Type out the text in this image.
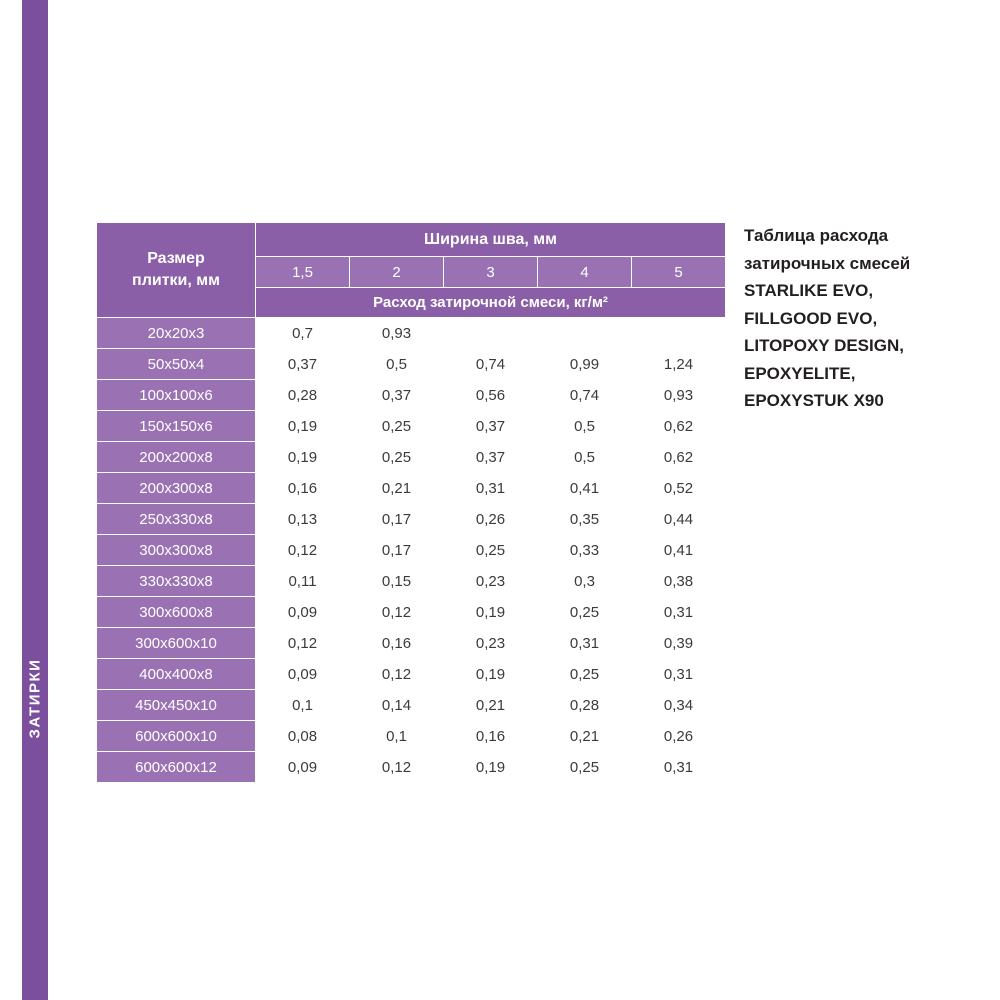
ЗАТИРКИ
Размер
плитки, мм	Ширина шва, мм				
	1,5	2	3	4	5
	Расход затирочной смеси, кг/м²				
20x20x3	0,7	0,93			
50x50x4	0,37	0,5	0,74	0,99	1,24
100x100x6	0,28	0,37	0,56	0,74	0,93
150x150x6	0,19	0,25	0,37	0,5	0,62
200x200x8	0,19	0,25	0,37	0,5	0,62
200x300x8	0,16	0,21	0,31	0,41	0,52
250x330x8	0,13	0,17	0,26	0,35	0,44
300x300x8	0,12	0,17	0,25	0,33	0,41
330x330x8	0,11	0,15	0,23	0,3	0,38
300x600x8	0,09	0,12	0,19	0,25	0,31
300x600x10	0,12	0,16	0,23	0,31	0,39
400x400x8	0,09	0,12	0,19	0,25	0,31
450x450x10	0,1	0,14	0,21	0,28	0,34
600x600x10	0,08	0,1	0,16	0,21	0,26
600x600x12	0,09	0,12	0,19	0,25	0,31
Таблица расхода
затирочных смесей
STARLIKE EVO,
FILLGOOD EVO,
LITOPOXY DESIGN,
EPOXYELITE,
EPOXYSTUK X90
